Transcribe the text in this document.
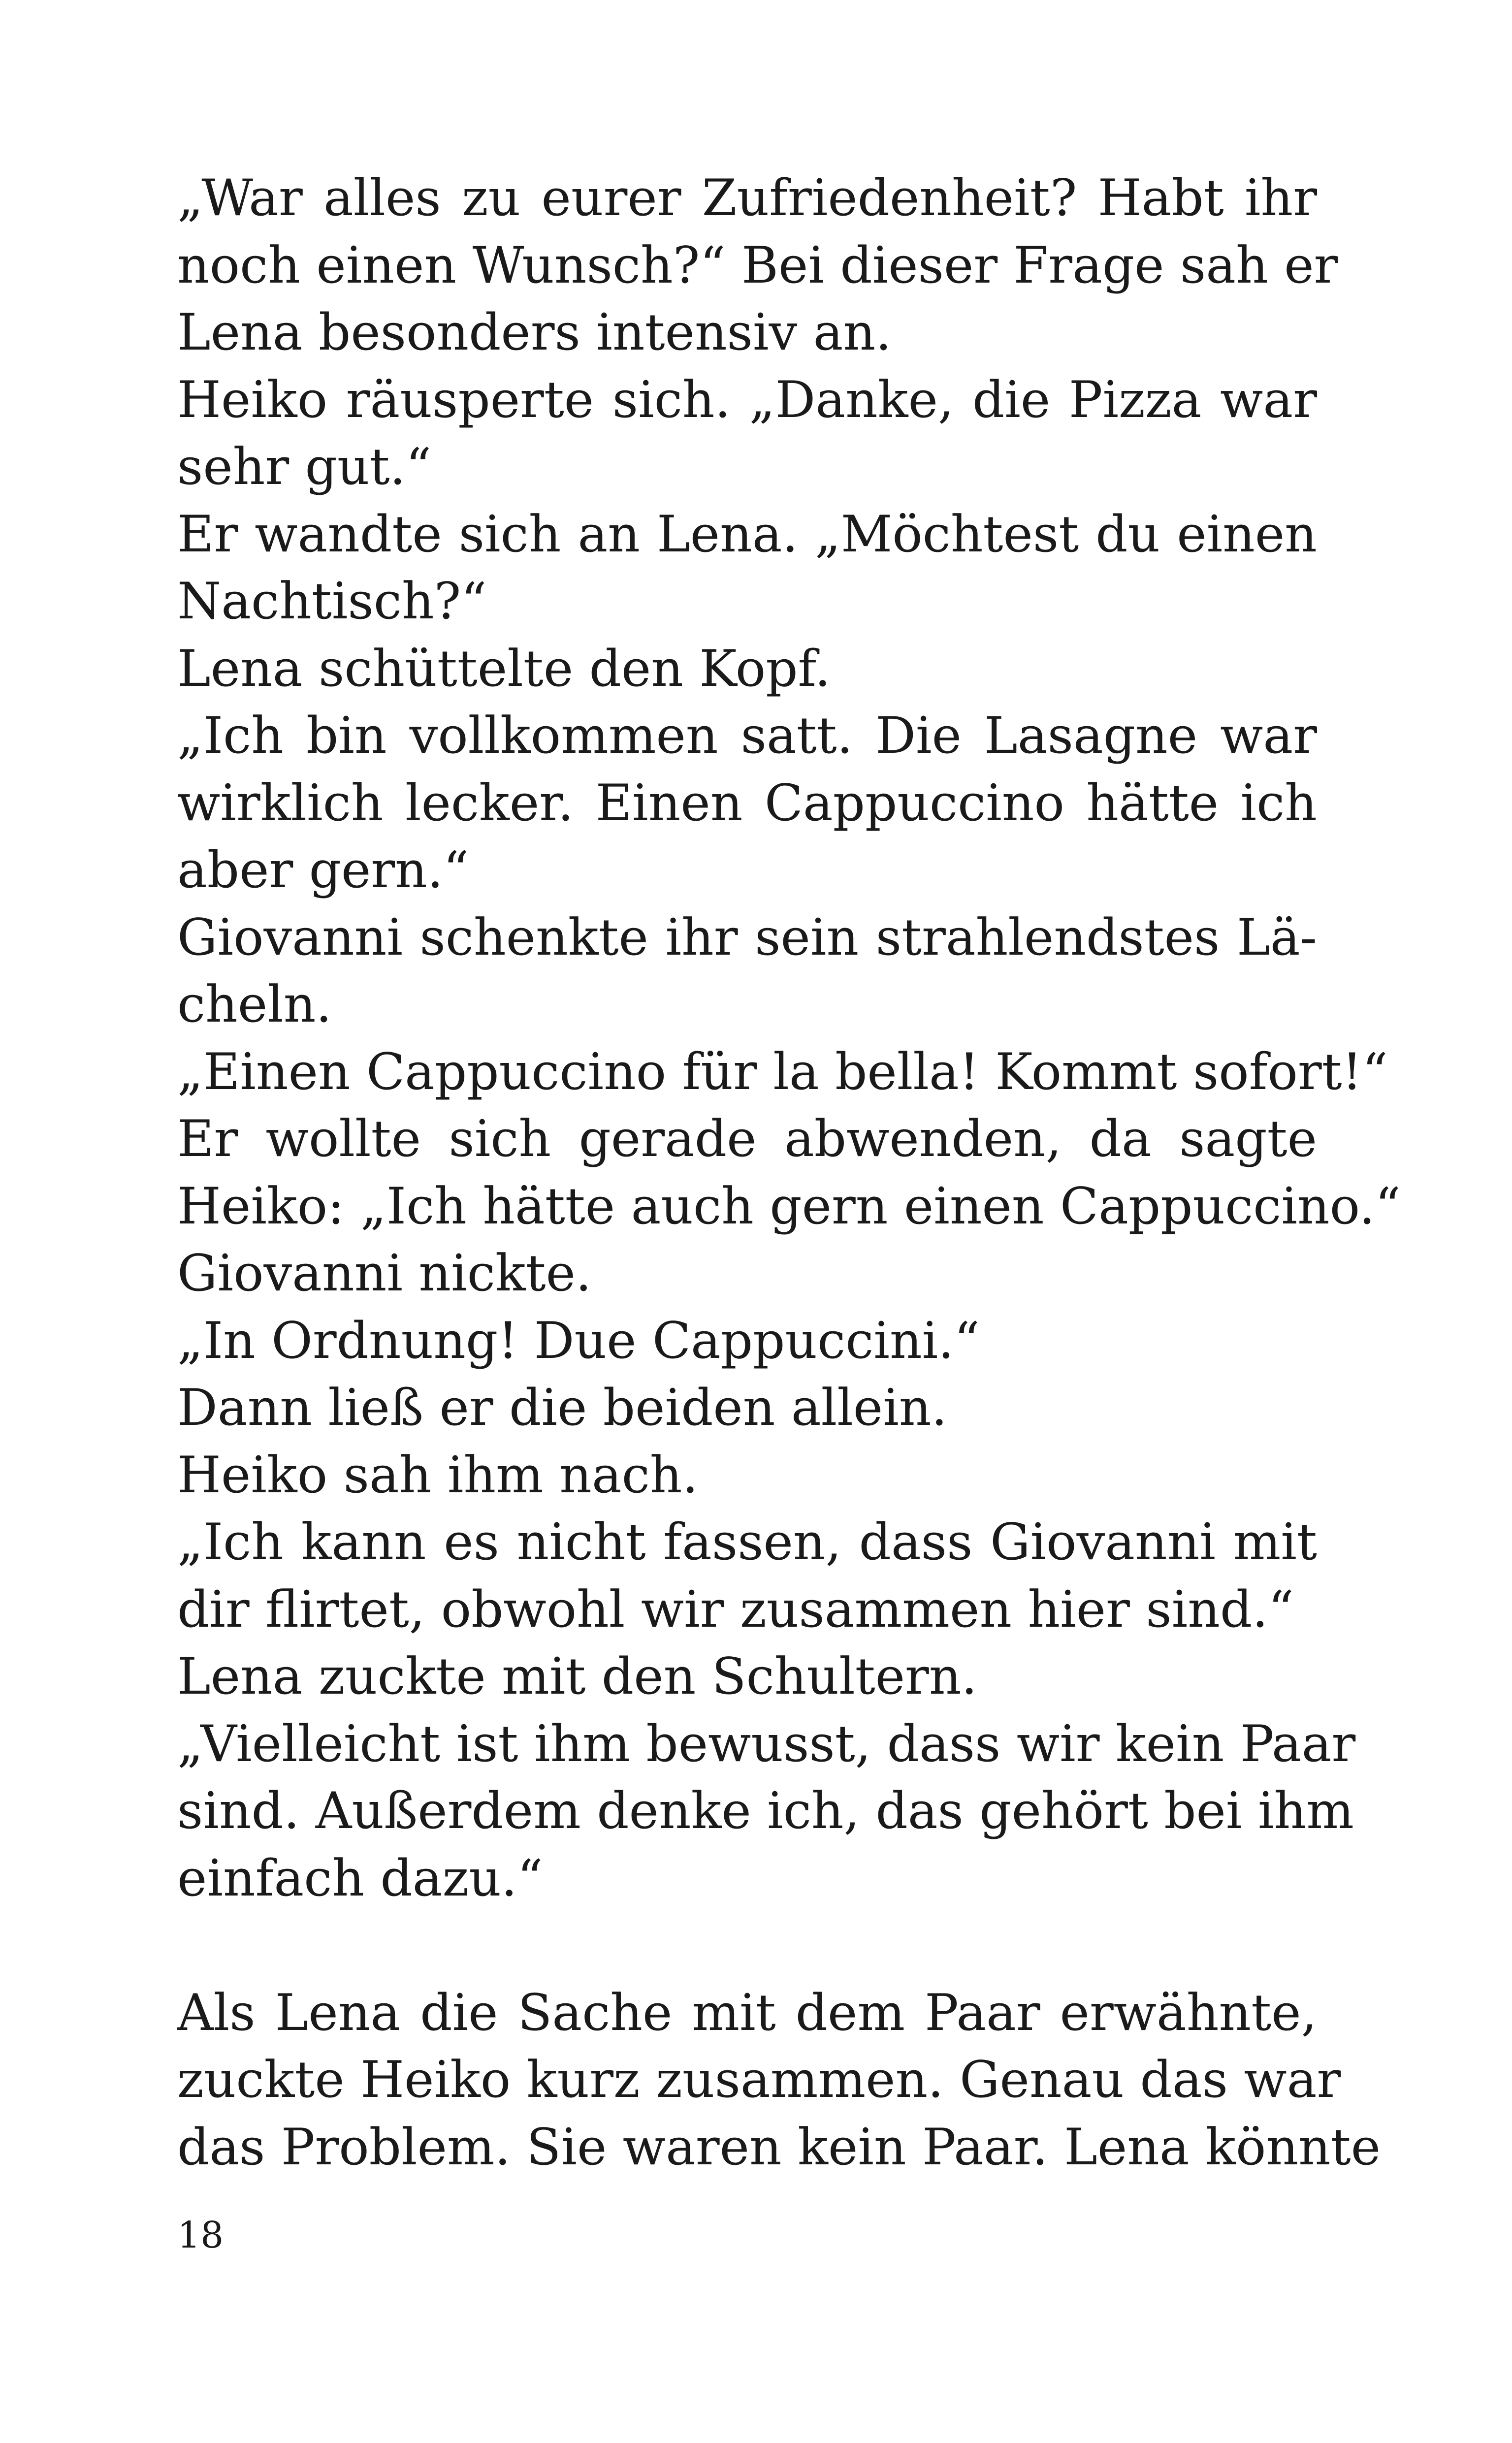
„War alles zu eurer Zufriedenheit? Habt ihr
noch einen Wunsch?“ Bei dieser Frage sah er
Lena besonders intensiv an.
Heiko räusperte sich. „Danke, die Pizza war
sehr gut.“
Er wandte sich an Lena. „Möchtest du einen
Nachtisch?“
Lena schüttelte den Kopf.
„Ich bin vollkommen satt. Die Lasagne war
wirklich lecker. Einen Cappuccino hätte ich
aber gern.“
Giovanni schenkte ihr sein strahlendstes Lä-
cheln.
„Einen Cappuccino für la bella! Kommt sofort!“
Er wollte sich gerade abwenden, da sagte
Heiko: „Ich hätte auch gern einen Cappuccino.“
Giovanni nickte.
„In Ordnung! Due Cappuccini.“
Dann ließ er die beiden allein.
Heiko sah ihm nach.
„Ich kann es nicht fassen, dass Giovanni mit
dir flirtet, obwohl wir zusammen hier sind.“
Lena zuckte mit den Schultern.
„Vielleicht ist ihm bewusst, dass wir kein Paar
sind. Außerdem denke ich, das gehört bei ihm
einfach dazu.“
Als Lena die Sache mit dem Paar erwähnte,
zuckte Heiko kurz zusammen. Genau das war
das Problem. Sie waren kein Paar. Lena könnte
18
